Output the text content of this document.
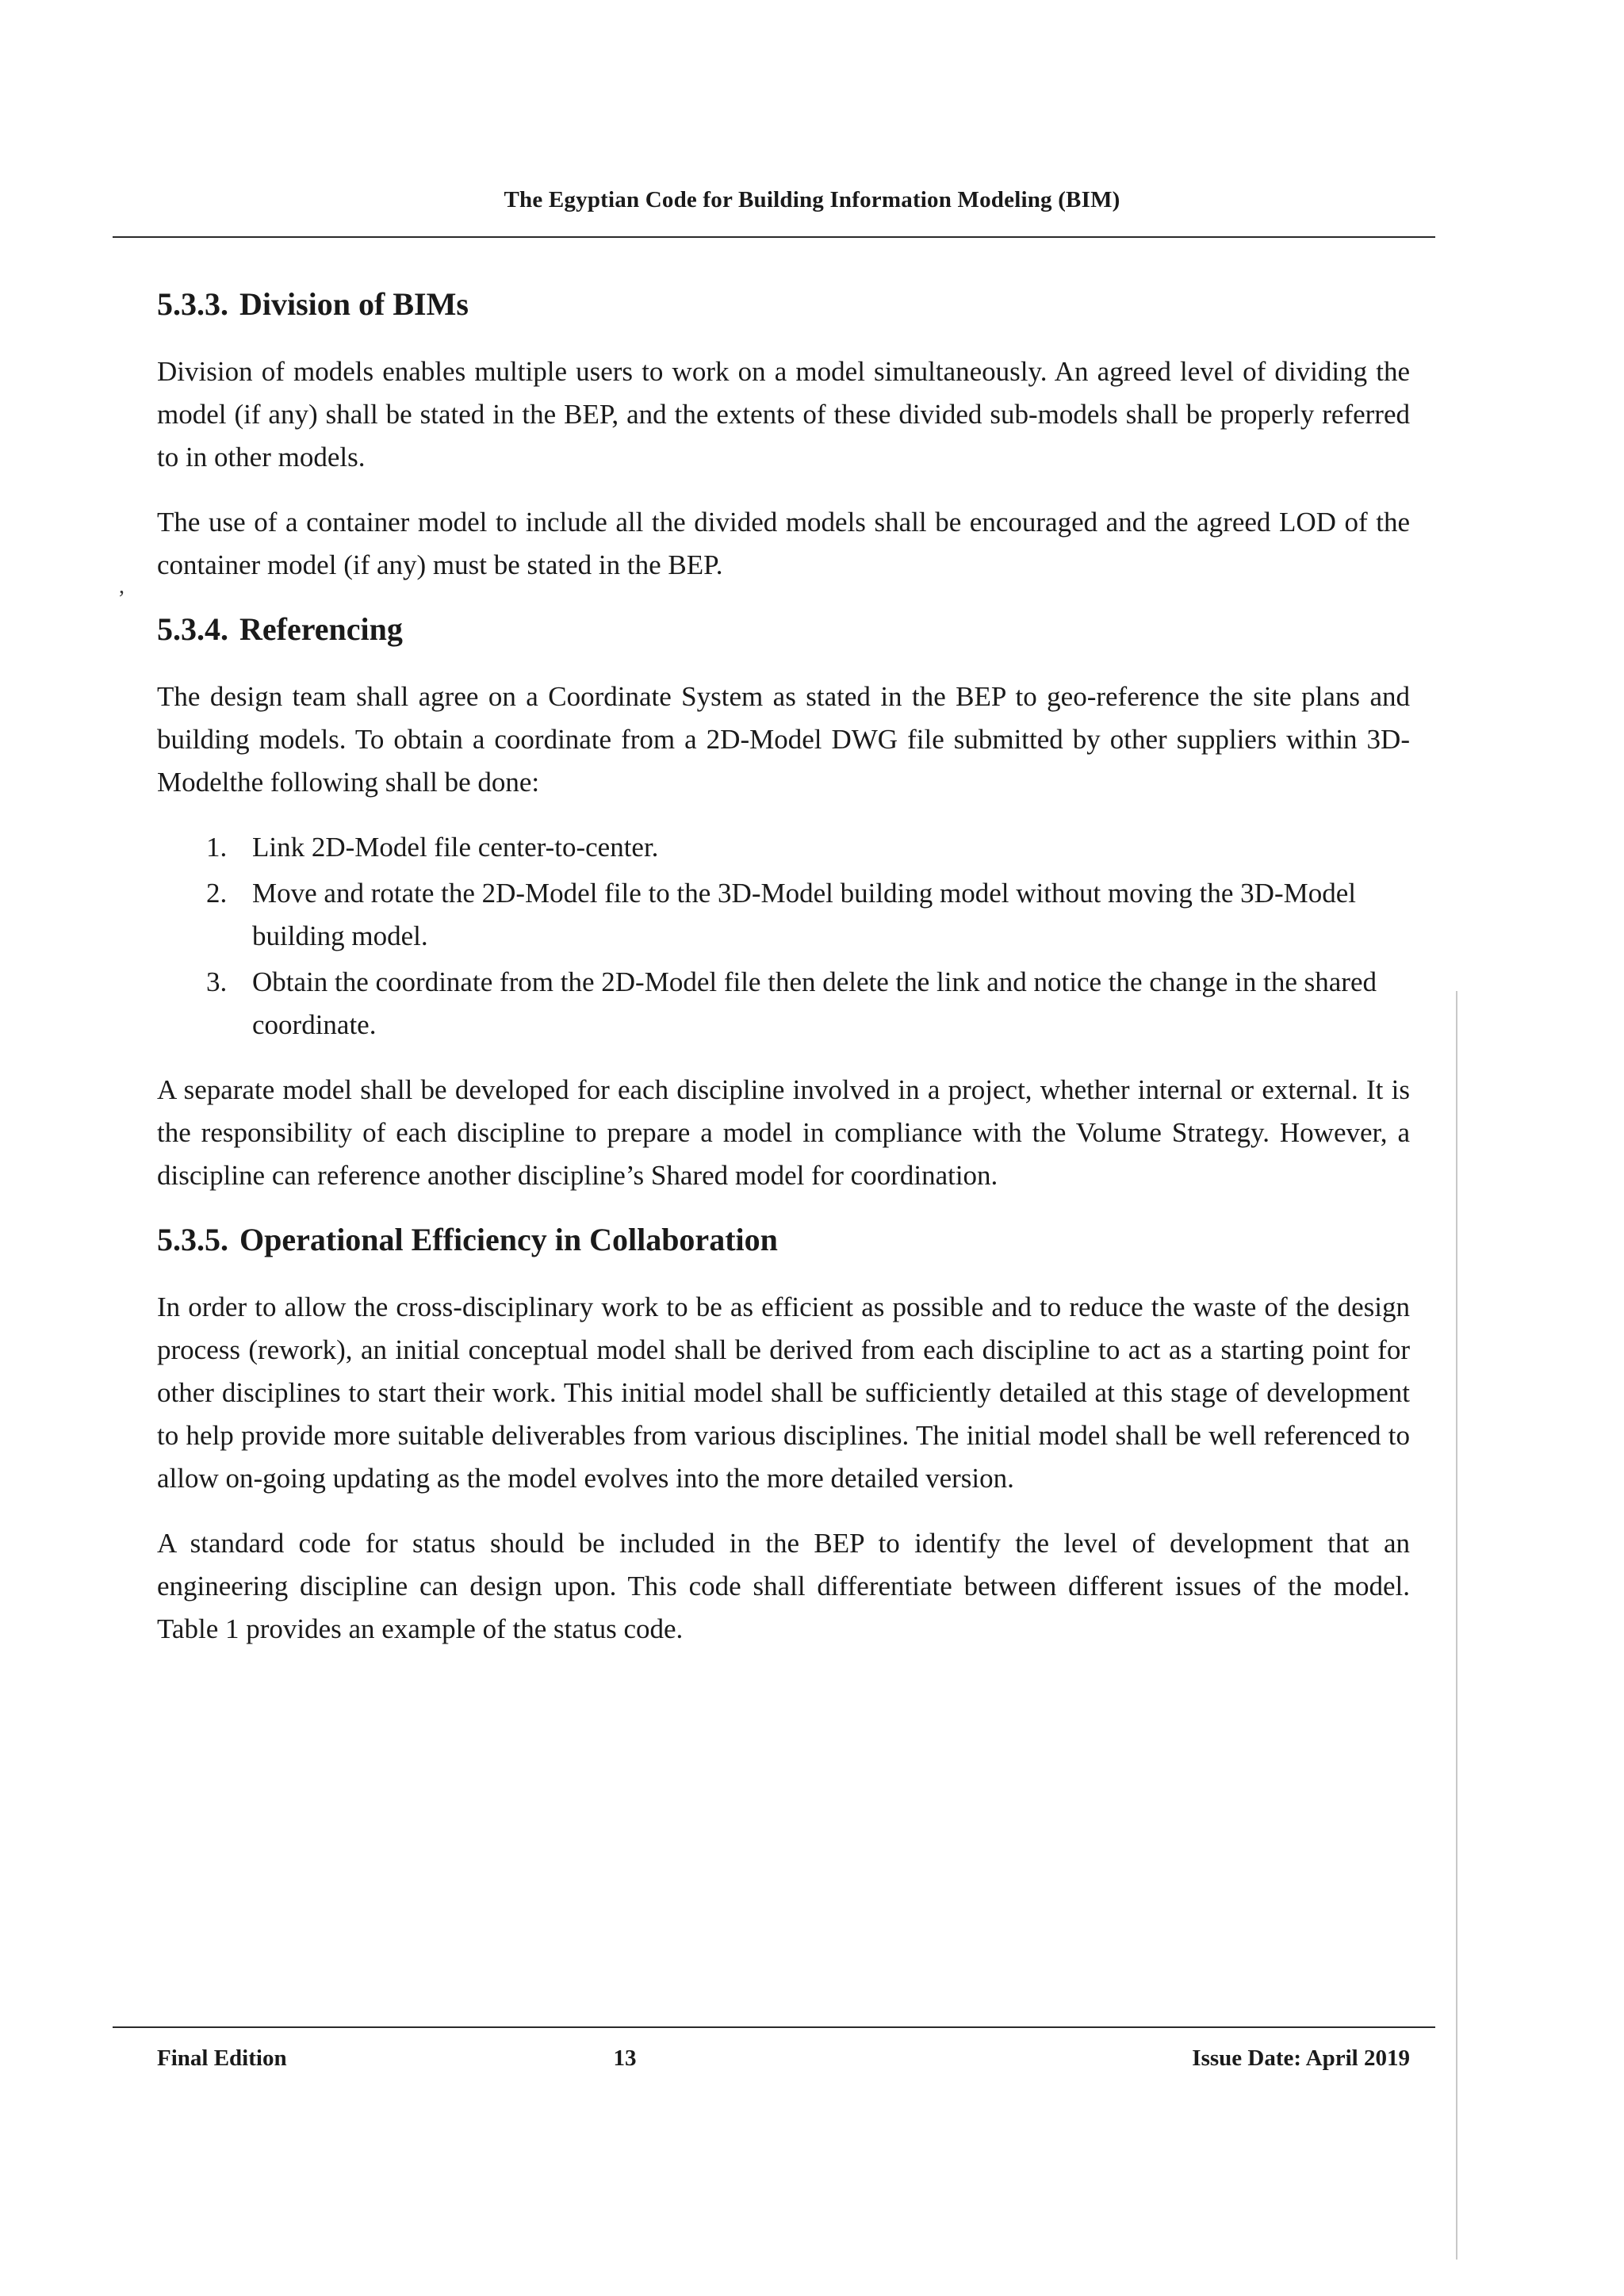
The Egyptian Code for Building Information Modeling (BIM)
,
5.3.3. Division of BIMs

Division of models enables multiple users to work on a model simultaneously. An agreed level of dividing the model (if any) shall be stated in the BEP, and the extents of these divided sub-models shall be properly referred to in other models.

The use of a container model to include all the divided models shall be encouraged and the agreed LOD of the container model (if any) must be stated in the BEP.

5.3.4. Referencing

The design team shall agree on a Coordinate System as stated in the BEP to geo-reference the site plans and building models. To obtain a coordinate from a 2D-Model DWG file submitted by other suppliers within 3D-Modelthe following shall be done:

1. Link 2D-Model file center-to-center.
2. Move and rotate the 2D-Model file to the 3D-Model building model without moving the 3D-Model building model.
3. Obtain the coordinate from the 2D-Model file then delete the link and notice the change in the shared coordinate.

A separate model shall be developed for each discipline involved in a project, whether internal or external. It is the responsibility of each discipline to prepare a model in compliance with the Volume Strategy. However, a discipline can reference another discipline’s Shared model for coordination.

5.3.5. Operational Efficiency in Collaboration

In order to allow the cross-disciplinary work to be as efficient as possible and to reduce the waste of the design process (rework), an initial conceptual model shall be derived from each discipline to act as a starting point for other disciplines to start their work. This initial model shall be sufficiently detailed at this stage of development to help provide more suitable deliverables from various disciplines. The initial model shall be well referenced to allow on-going updating as the model evolves into the more detailed version.

A standard code for status should be included in the BEP to identify the level of development that an engineering discipline can design upon. This code shall differentiate between different issues of the model. Table 1 provides an example of the status code.

Final Edition	13	Issue Date: April 2019
